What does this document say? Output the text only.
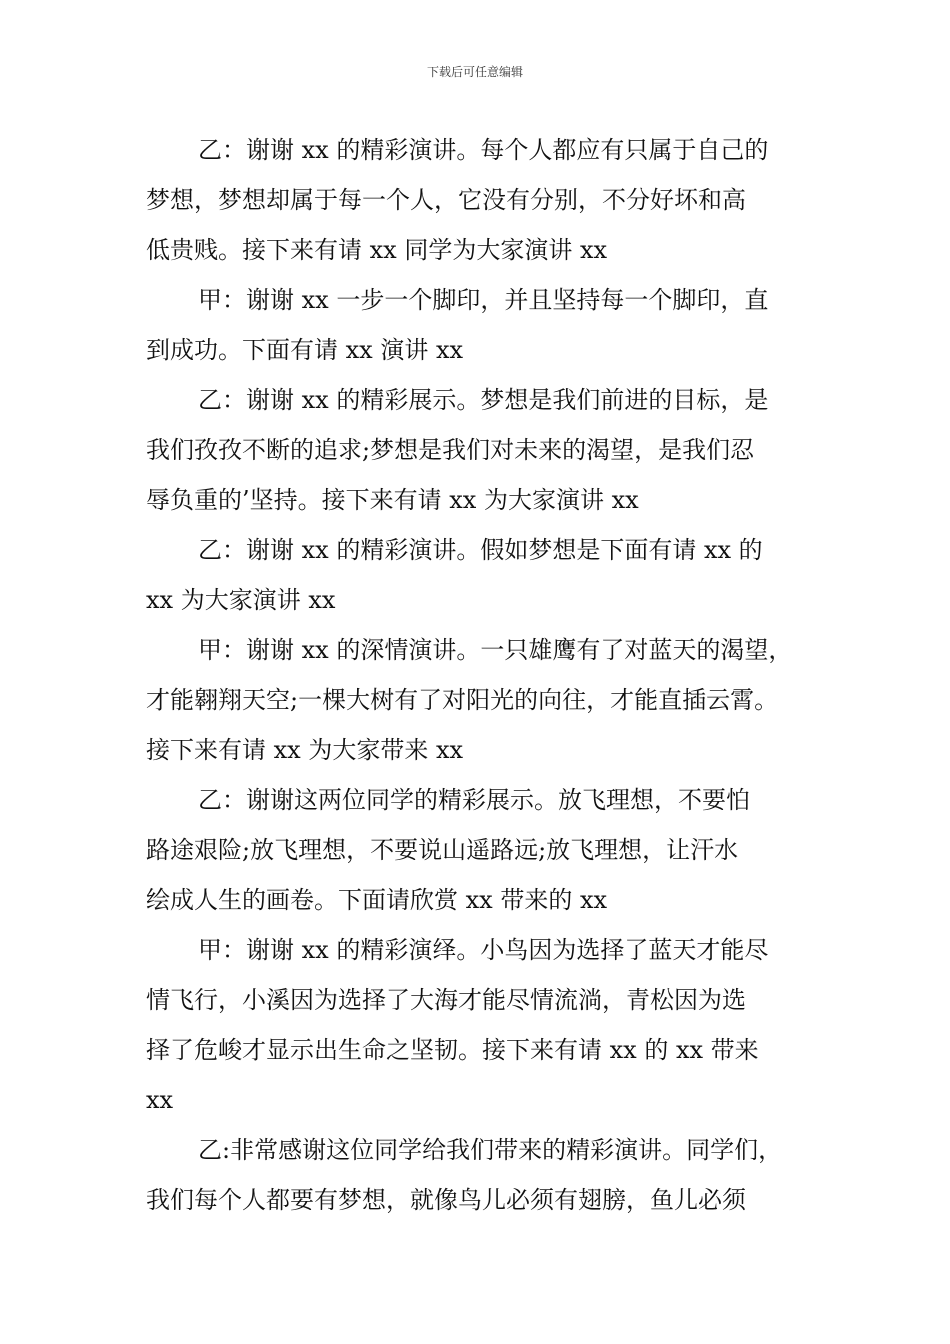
下载后可任意编辑
乙：谢谢 xx 的精彩演讲。每个人都应有只属于自己的
梦想，梦想却属于每一个人，它没有分别，不分好坏和高
低贵贱。接下来有请 xx 同学为大家演讲 xx
甲：谢谢 xx 一步一个脚印，并且坚持每一个脚印，直
到成功。下面有请 xx 演讲 xx
乙：谢谢 xx 的精彩展示。梦想是我们前进的目标，是
我们孜孜不断的追求;梦想是我们对未来的渴望，是我们忍
辱负重的’坚持。接下来有请 xx 为大家演讲 xx
乙：谢谢 xx 的精彩演讲。假如梦想是下面有请 xx 的
xx 为大家演讲 xx
甲：谢谢 xx 的深情演讲。一只雄鹰有了对蓝天的渴望，
才能翱翔天空;一棵大树有了对阳光的向往，才能直插云霄。
接下来有请 xx 为大家带来 xx
乙：谢谢这两位同学的精彩展示。放飞理想，不要怕
路途艰险;放飞理想，不要说山遥路远;放飞理想，让汗水
绘成人生的画卷。下面请欣赏 xx 带来的 xx
甲：谢谢 xx 的精彩演绎。小鸟因为选择了蓝天才能尽
情飞行，小溪因为选择了大海才能尽情流淌，青松因为选
择了危峻才显示出生命之坚韧。接下来有请 xx 的 xx 带来
xx
乙:非常感谢这位同学给我们带来的精彩演讲。同学们，
我们每个人都要有梦想，就像鸟儿必须有翅膀，鱼儿必须
